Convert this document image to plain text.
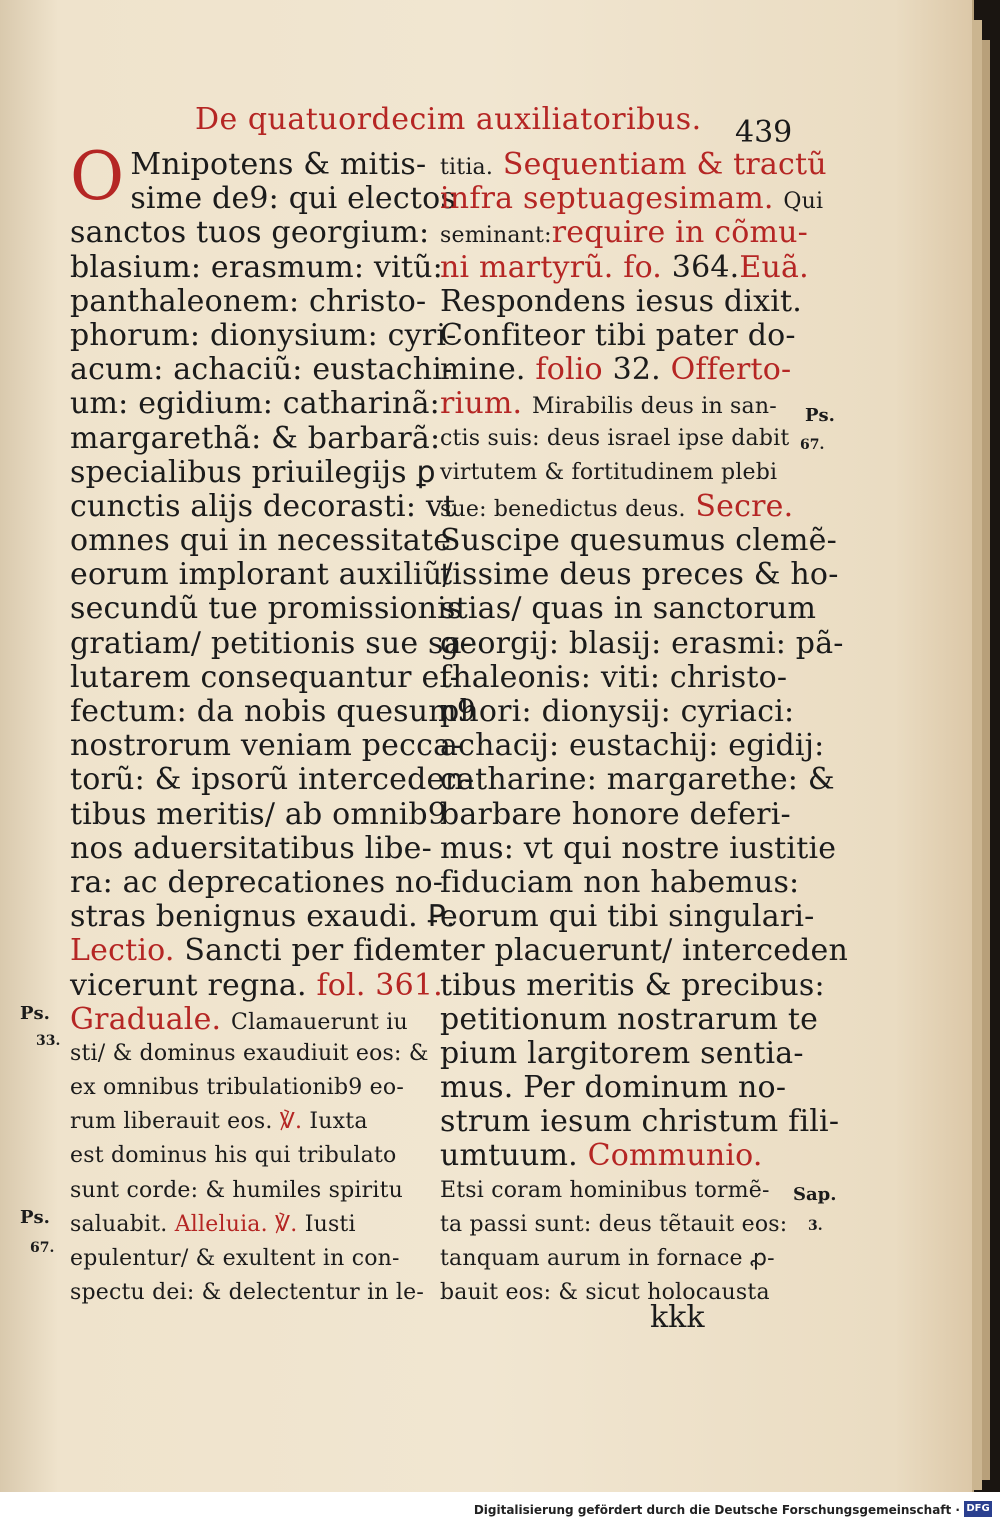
De quatuordecim auxiliatoribus. 439
O Mnipotens & mitis-
sime de9: qui electos
sanctos tuos georgium:
blasium: erasmum: vitũ:
panthaleonem: christo-
phorum: dionysium: cyri-
acum: achaciũ: eustachi-
um: egidium: catharinã:
margarethã: & barbarã:
specialibus priuilegijs ꝑ
cunctis alijs decorasti: vt
omnes qui in necessitate
eorum implorant auxiliũ/
secundũ tue promissionis
gratiam/ petitionis sue sa-
lutarem consequantur ef-
fectum: da nobis quesum9
nostrorum veniam pecca-
torũ: & ipsorũ interceden-
tibus meritis/ ab omnib9
nos aduersitatibus libe-
ra: ac deprecationes no-
stras benignus exaudi. Ꝑ.
Lectio. Sancti per fidem
vicerunt regna. fol. 361.
Graduale. Clamauerunt iu
sti/ & dominus exaudiuit eos: &
ex omnibus tribulationib9 eo-
rum liberauit eos. ℣. Iuxta
est dominus his qui tribulato
sunt corde: & humiles spiritu
saluabit. Alleluia. ℣. Iusti
epulentur/ & exultent in con-
spectu dei: & delectentur in le-
titia. Sequentiam & tractũ
infra septuagesimam. Qui
seminant:require in cõmu-
ni martyrũ. fo. 364.Euã.
Respondens iesus dixit.
Confiteor tibi pater do-
mine. folio 32. Offerto-
rium. Mirabilis deus in san-
ctis suis: deus israel ipse dabit
virtutem & fortitudinem plebi
sue: benedictus deus. Secre.
Suscipe quesumus clemẽ-
tissime deus preces & ho-
stias/ quas in sanctorum
georgij: blasij: erasmi: pã-
thaleonis: viti: christo-
phori: dionysij: cyriaci:
achacij: eustachij: egidij:
catharine: margarethe: &
barbare honore deferi-
mus: vt qui nostre iustitie
fiduciam non habemus:
eorum qui tibi singulari-
ter placuerunt/ interceden
tibus meritis & precibus:
petitionum nostrarum te
pium largitorem sentia-
mus. Per dominum no-
strum iesum christum fili-
umtuum. Communio.
Etsi coram hominibus tormẽ-
ta passi sunt: deus tẽtauit eos:
tanquam aurum in fornace ꝓ-
bauit eos: & sicut holocausta
Ps.
33.
Ps.
67.
Ps.
67.
Sap.
3.
kkk
Digitalisierung gefördert durch die Deutsche Forschungsgemeinschaft · DFG
